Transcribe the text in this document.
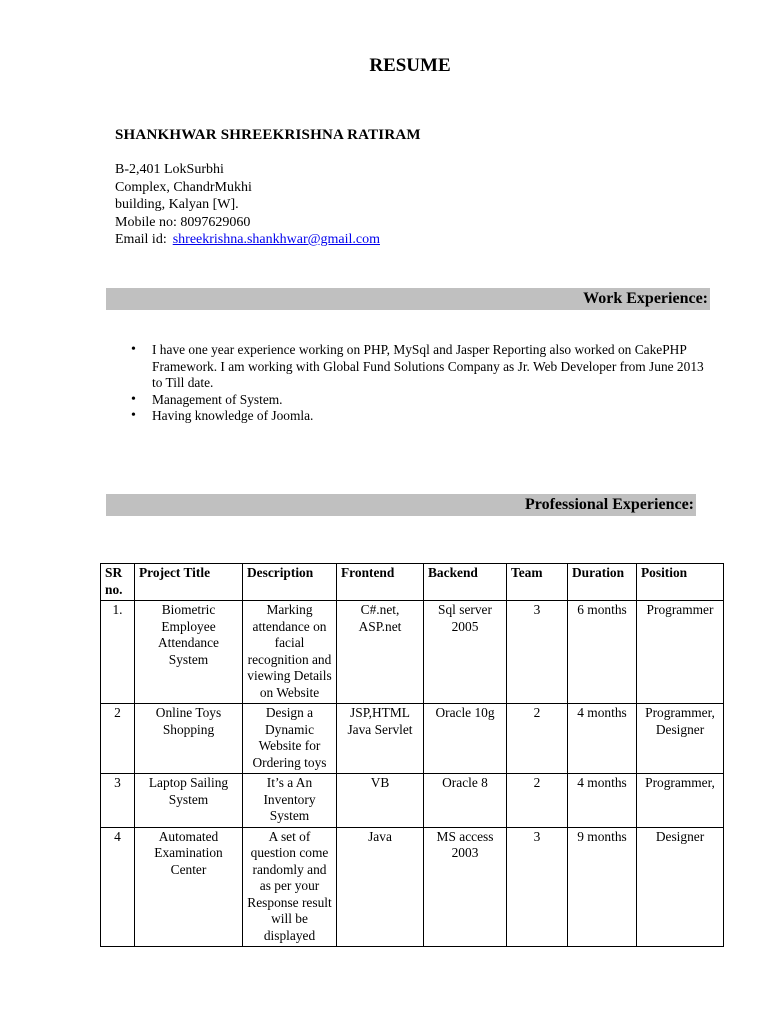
RESUME
SHANKHWAR SHREEKRISHNA RATIRAM
B-2,401 LokSurbhi
Complex, ChandrMukhi
building, Kalyan [W].
Mobile no: 8097629060
Email id: shreekrishna.shankhwar@gmail.com
Work Experience:
• I have one year experience working on PHP, MySql and Jasper Reporting also worked on CakePHP Framework. I am working with Global Fund Solutions Company as Jr. Web Developer from June 2013 to Till date.
• Management of System.
• Having knowledge of Joomla.
Professional Experience:
SR no.	Project Title	Description	Frontend	Backend	Team	Duration	Position
1.	Biometric Employee Attendance System	Marking attendance on facial recognition and viewing Details on Website	C#.net, ASP.net	Sql server 2005	3	6 months	Programmer
2	Online Toys Shopping	Design a Dynamic Website for Ordering toys	JSP,HTML Java Servlet	Oracle 10g	2	4 months	Programmer, Designer
3	Laptop Sailing System	It’s a An Inventory System	VB	Oracle 8	2	4 months	Programmer,
4	Automated Examination Center	A set of question come randomly and as per your Response result will be displayed	Java	MS access 2003	3	9 months	Designer
